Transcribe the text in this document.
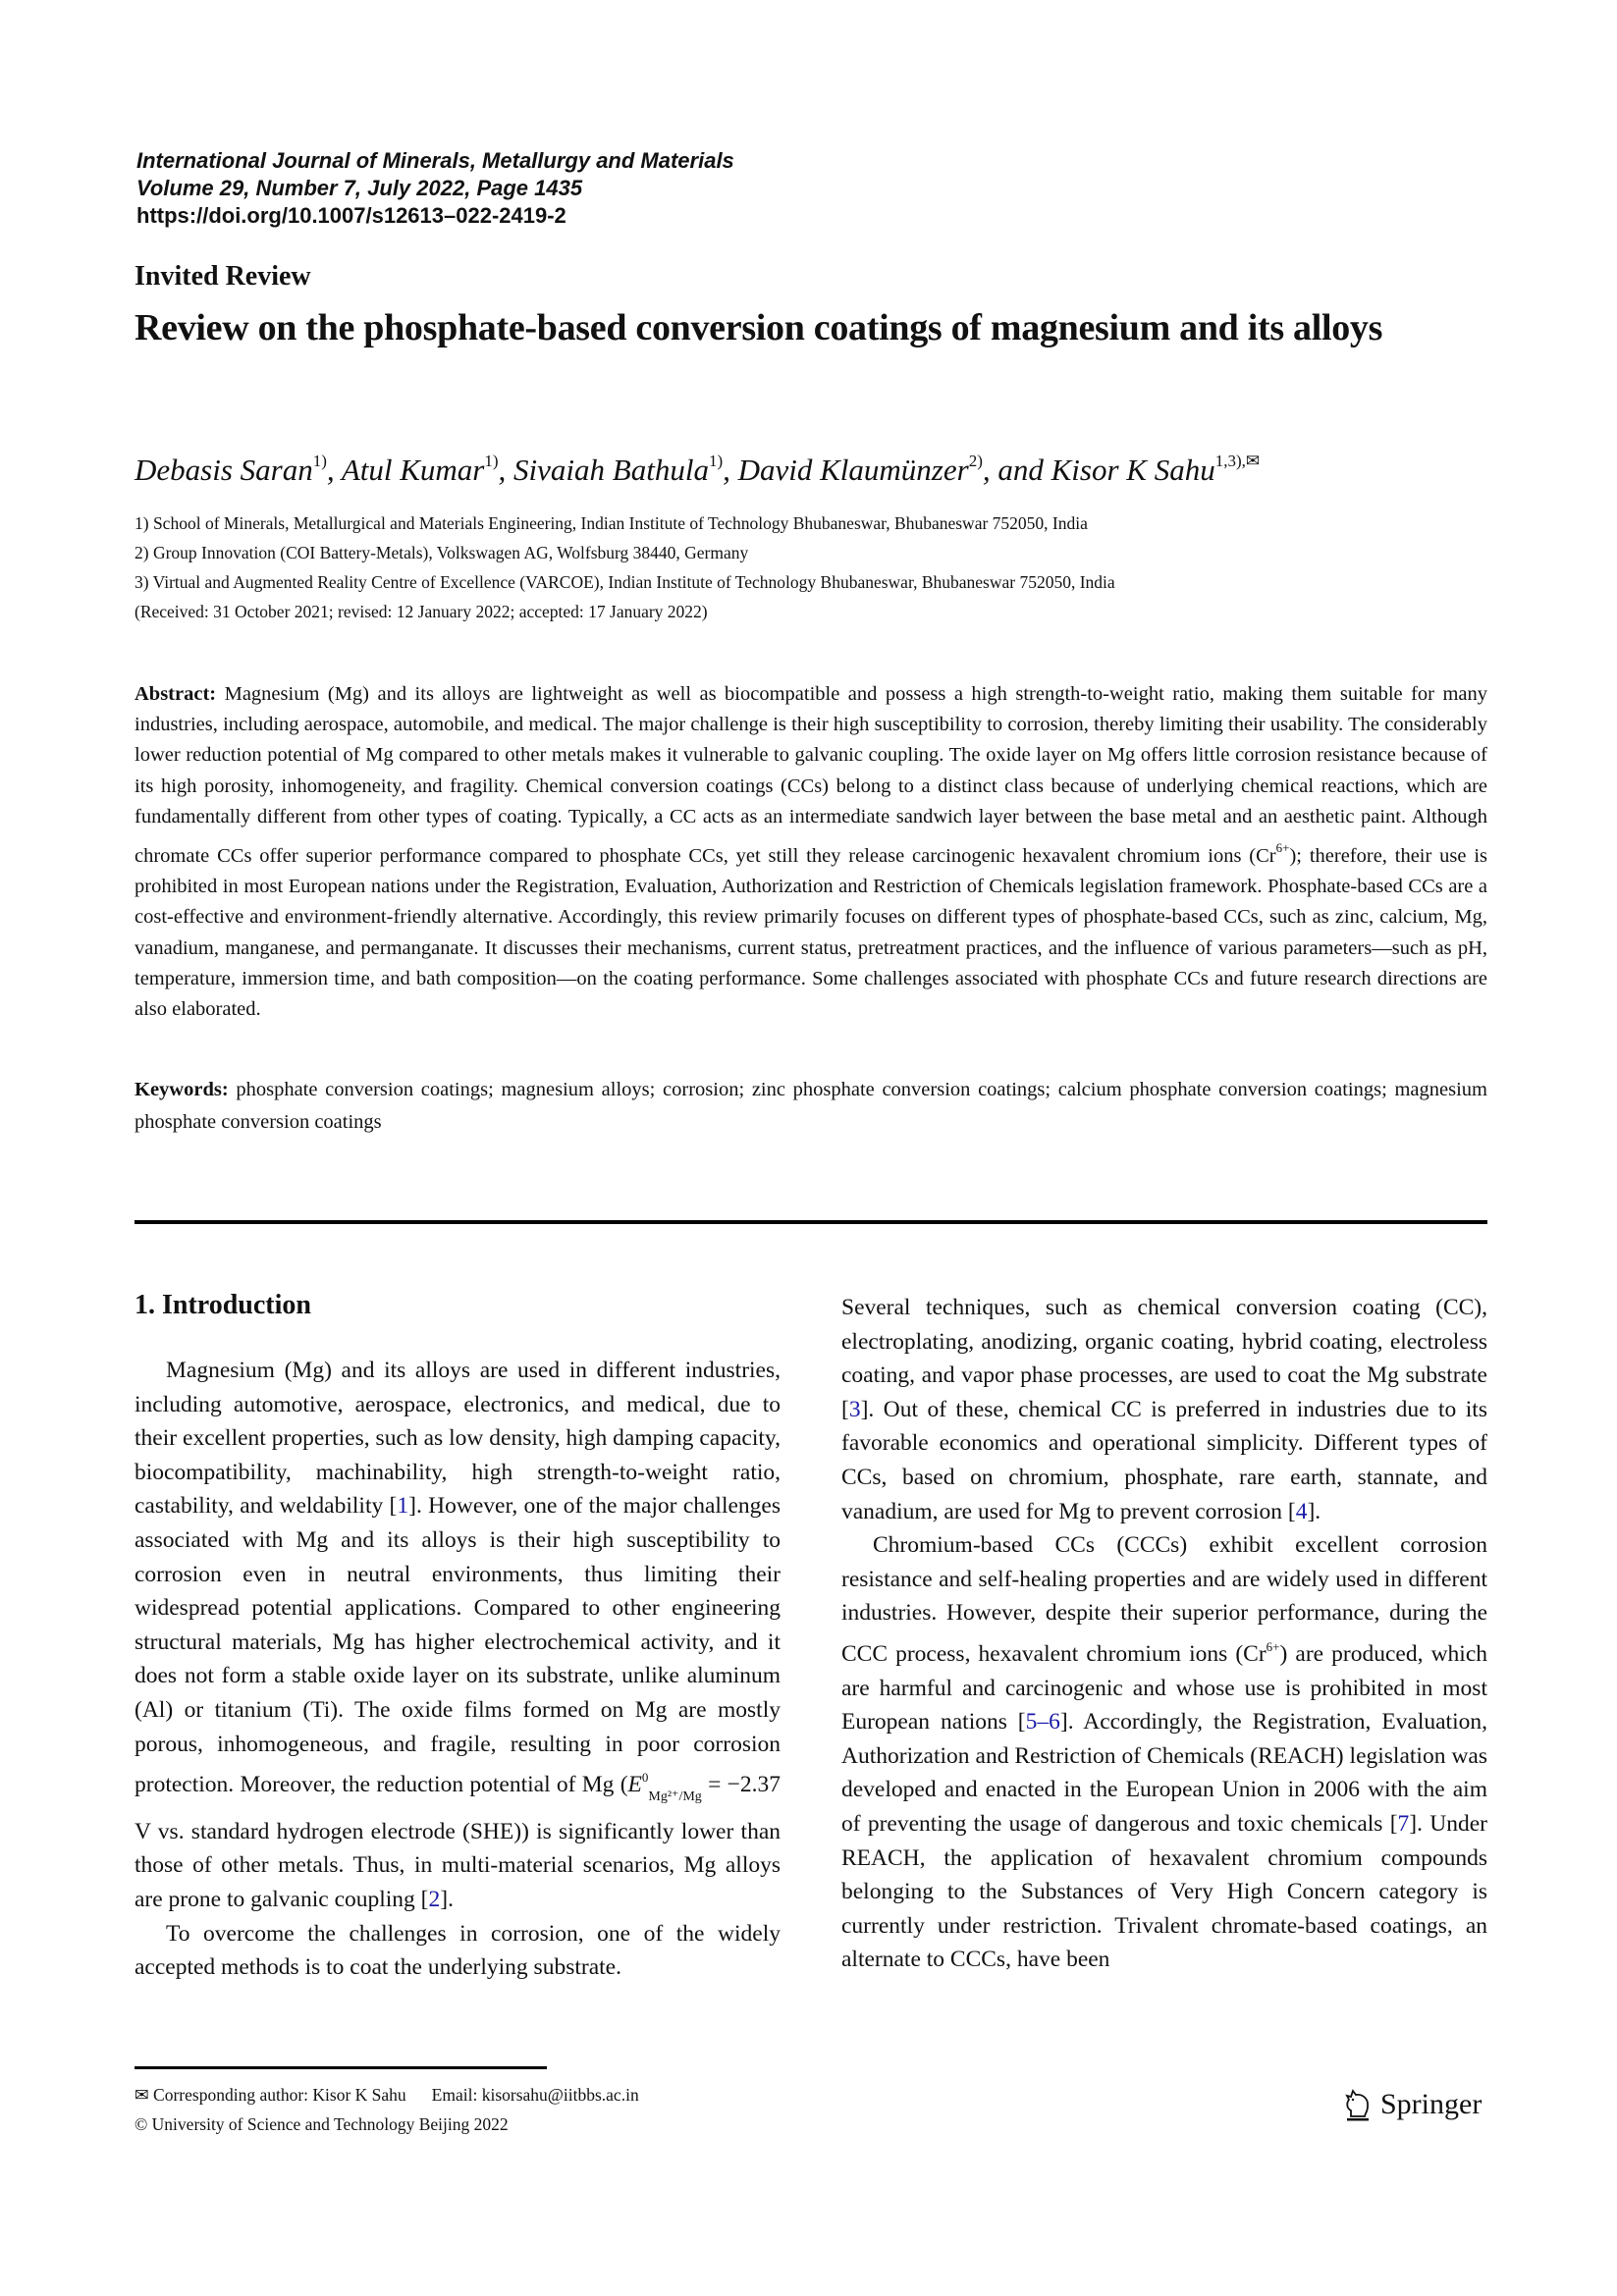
International Journal of Minerals, Metallurgy and Materials
Volume 29, Number 7, July 2022, Page 1435
https://doi.org/10.1007/s12613–022-2419-2
Invited Review
Review on the phosphate-based conversion coatings of magnesium and its alloys
Debasis Saran$^{1)}$, Atul Kumar$^{1)}$, Sivaiah Bathula$^{1)}$, David Klaumünzer$^{2)}$, and Kisor K Sahu$^{1,3),✉}$
1) School of Minerals, Metallurgical and Materials Engineering, Indian Institute of Technology Bhubaneswar, Bhubaneswar 752050, India
2) Group Innovation (COI Battery-Metals), Volkswagen AG, Wolfsburg 38440, Germany
3) Virtual and Augmented Reality Centre of Excellence (VARCOE), Indian Institute of Technology Bhubaneswar, Bhubaneswar 752050, India
(Received: 31 October 2021; revised: 12 January 2022; accepted: 17 January 2022)
Abstract: Magnesium (Mg) and its alloys are lightweight as well as biocompatible and possess a high strength-to-weight ratio, making them suitable for many industries, including aerospace, automobile, and medical. The major challenge is their high susceptibility to corrosion, thereby limiting their usability. The considerably lower reduction potential of Mg compared to other metals makes it vulnerable to galvanic coupling. The oxide layer on Mg offers little corrosion resistance because of its high porosity, inhomogeneity, and fragility. Chemical conversion coatings (CCs) belong to a distinct class because of underlying chemical reactions, which are fundamentally different from other types of coating. Typically, a CC acts as an intermediate sandwich layer between the base metal and an aesthetic paint. Although chromate CCs offer superior performance compared to phosphate CCs, yet still they release carcinogenic hexavalent chromium ions $(Cr^{6+})$; therefore, their use is prohibited in most European nations under the Registration, Evaluation, Authorization and Restriction of Chemicals legislation framework. Phosphate-based CCs are a cost-effective and environment-friendly alternative. Accordingly, this review primarily focuses on different types of phosphate-based CCs, such as zinc, calcium, Mg, vanadium, manganese, and permanganate. It discusses their mechanisms, current status, pretreatment practices, and the influence of various parameters—such as pH, temperature, immersion time, and bath composition—on the coating performance. Some challenges associated with phosphate CCs and future research directions are also elaborated.
Keywords: phosphate conversion coatings; magnesium alloys; corrosion; zinc phosphate conversion coatings; calcium phosphate conversion coatings; magnesium phosphate conversion coatings
1. Introduction

Magnesium (Mg) and its alloys are used in different industries, including automotive, aerospace, electronics, and medical, due to their excellent properties, such as low density, high damping capacity, biocompatibility, machinability, high strength-to-weight ratio, castability, and weldability [1]. However, one of the major challenges associated with Mg and its alloys is their high susceptibility to corrosion even in neutral environments, thus limiting their widespread potential applications. Compared to other engineering structural materials, Mg has higher electrochemical activity, and it does not form a stable oxide layer on its substrate, unlike aluminum (Al) or titanium (Ti). The oxide films formed on Mg are mostly porous, inhomogeneous, and fragile, resulting in poor corrosion protection. Moreover, the reduction potential of Mg ($E^0_{Mg^{2+}/Mg} = -2.37$ V vs. standard hydrogen electrode (SHE)) is significantly lower than those of other metals. Thus, in multi-material scenarios, Mg alloys are prone to galvanic coupling [2].

To overcome the challenges in corrosion, one of the widely accepted methods is to coat the underlying substrate.

Several techniques, such as chemical conversion coating (CC), electroplating, anodizing, organic coating, hybrid coating, electroless coating, and vapor phase processes, are used to coat the Mg substrate [3]. Out of these, chemical CC is preferred in industries due to its favorable economics and operational simplicity. Different types of CCs, based on chromium, phosphate, rare earth, stannate, and vanadium, are used for Mg to prevent corrosion [4].

Chromium-based CCs (CCCs) exhibit excellent corrosion resistance and self-healing properties and are widely used in different industries. However, despite their superior performance, during the CCC process, hexavalent chromium ions $(Cr^{6+})$ are produced, which are harmful and carcinogenic and whose use is prohibited in most European nations [5–6]. Accordingly, the Registration, Evaluation, Authorization and Restriction of Chemicals (REACH) legislation was developed and enacted in the European Union in 2006 with the aim of preventing the usage of dangerous and toxic chemicals [7]. Under REACH, the application of hexavalent chromium compounds belonging to the Substances of Very High Concern category is currently under restriction. Trivalent chromate-based coatings, an alternate to CCCs, have been

✉ Corresponding author: Kisor K Sahu Email: kisorsahu@iitbbs.ac.in
© University of Science and Technology Beijing 2022
Springer
